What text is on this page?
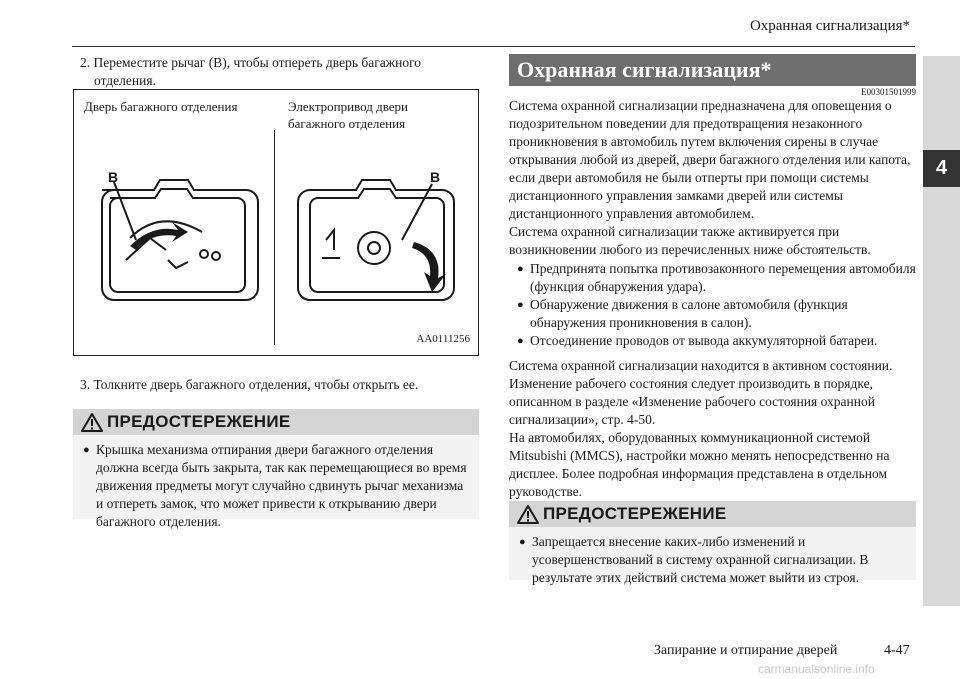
Охранная сигнализация*
4
2. Переместите рычаг (B), чтобы отпереть дверь багажного отделения.
Дверь багажного отделения	Электропривод двери багажного отделения
B	B
AA0111256
3. Толкните дверь багажного отделения, чтобы открыть ее.
ПРЕДОСТЕРЕЖЕНИЕ
● Крышка механизма отпирания двери багажного отделения должна всегда быть закрыта, так как перемещающиеся во время движения предметы могут случайно сдвинуть рычаг механизма и отпереть замок, что может привести к открыванию двери багажного отделения.
Охранная сигнализация*
E00301501999
Система охранной сигнализации предназначена для оповещения о подозрительном поведении для предотвращения незаконного проникновения в автомобиль путем включения сирены в случае открывания любой из дверей, двери багажного отделения или капота, если двери автомобиля не были отперты при помощи системы дистанционного управления замками дверей или системы дистанционного управления автомобилем.
Система охранной сигнализации также активируется при возникновении любого из перечисленных ниже обстоятельств.
● Предпринята попытка противозаконного перемещения автомобиля (функция обнаружения удара).
● Обнаружение движения в салоне автомобиля (функция обнаружения проникновения в салон).
● Отсоединение проводов от вывода аккумуляторной батареи.
Система охранной сигнализации находится в активном состоянии. Изменение рабочего состояния следует производить в порядке, описанном в разделе «Изменение рабочего состояния охранной сигнализации», стр. 4-50.
На автомобилях, оборудованных коммуникационной системой Mitsubishi (MMCS), настройки можно менять непосредственно на дисплее. Более подробная информация представлена в отдельном руководстве.
ПРЕДОСТЕРЕЖЕНИЕ
● Запрещается внесение каких-либо изменений и усовершенствований в систему охранной сигнализации. В результате этих действий система может выйти из строя.
Запирание и отпирание дверей	4-47
carmanualsonline.info
